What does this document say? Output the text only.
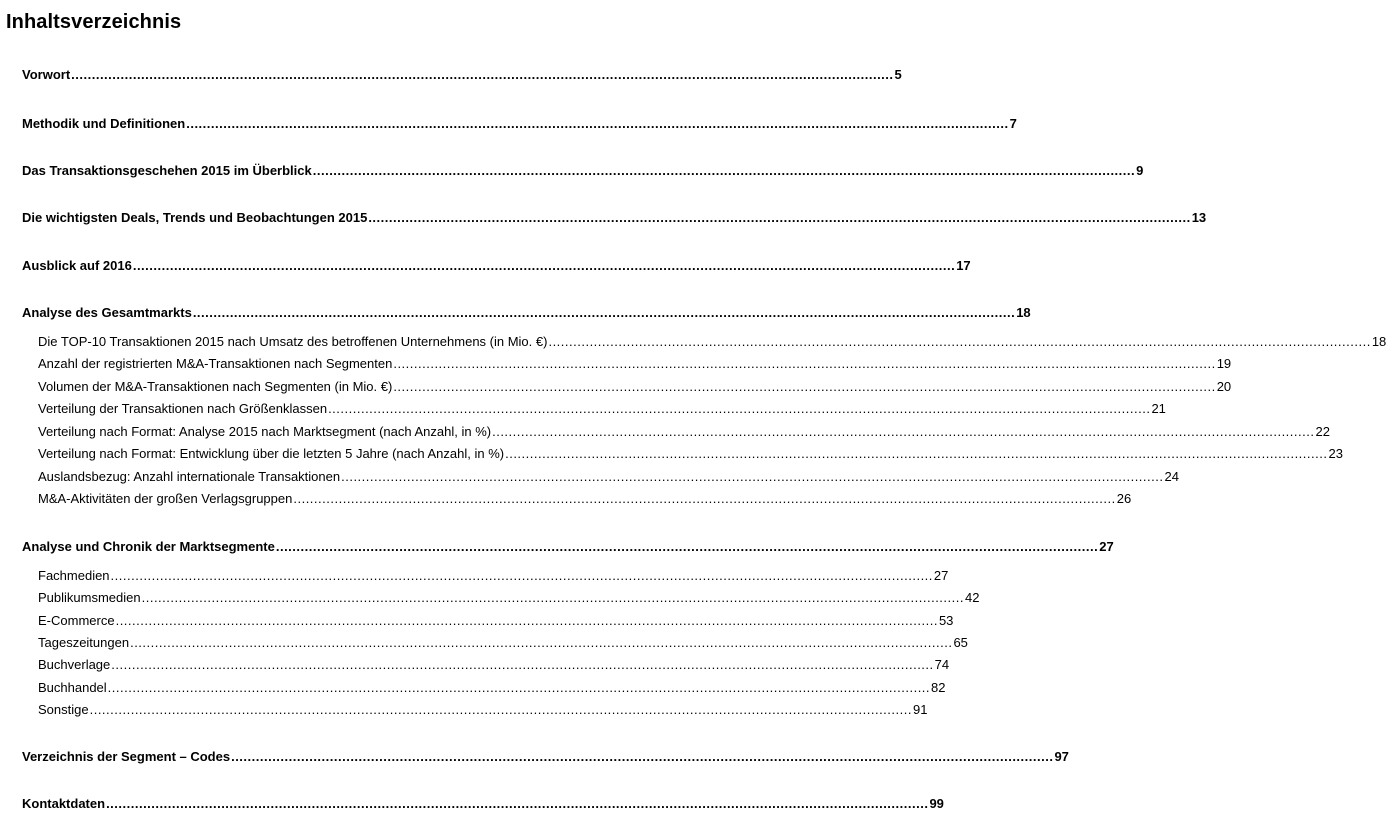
Inhaltsverzeichnis
Vorwort ........................................................................................................................................................................................................ 5
Methodik und Definitionen ........................................................................................................................................................................................................ 7
Das Transaktionsgeschehen 2015 im Überblick ........................................................................................................................................................................................................ 9
Die wichtigsten Deals, Trends und Beobachtungen 2015 ........................................................................................................................................................................................................ 13
Ausblick auf 2016 ........................................................................................................................................................................................................ 17
Analyse des Gesamtmarkts ........................................................................................................................................................................................................ 18
Die TOP-10 Transaktionen 2015 nach Umsatz des betroffenen Unternehmens (in Mio. €) ........................................................................................................................................................................................................ 18
Anzahl der registrierten M&A-Transaktionen nach Segmenten ........................................................................................................................................................................................................ 19
Volumen der M&A-Transaktionen nach Segmenten (in Mio. €) ........................................................................................................................................................................................................ 20
Verteilung der Transaktionen nach Größenklassen ........................................................................................................................................................................................................ 21
Verteilung nach Format: Analyse 2015 nach Marktsegment (nach Anzahl, in %) ........................................................................................................................................................................................................ 22
Verteilung nach Format: Entwicklung über die letzten 5 Jahre (nach Anzahl, in %) ........................................................................................................................................................................................................ 23
Auslandsbezug: Anzahl internationale Transaktionen ........................................................................................................................................................................................................ 24
M&A-Aktivitäten der großen Verlagsgruppen ........................................................................................................................................................................................................ 26
Analyse und Chronik der Marktsegmente ........................................................................................................................................................................................................ 27
Fachmedien ........................................................................................................................................................................................................ 27
Publikumsmedien ........................................................................................................................................................................................................ 42
E-Commerce ........................................................................................................................................................................................................ 53
Tageszeitungen ........................................................................................................................................................................................................ 65
Buchverlage ........................................................................................................................................................................................................ 74
Buchhandel ........................................................................................................................................................................................................ 82
Sonstige ........................................................................................................................................................................................................ 91
Verzeichnis der Segment – Codes ........................................................................................................................................................................................................ 97
Kontaktdaten ........................................................................................................................................................................................................ 99
